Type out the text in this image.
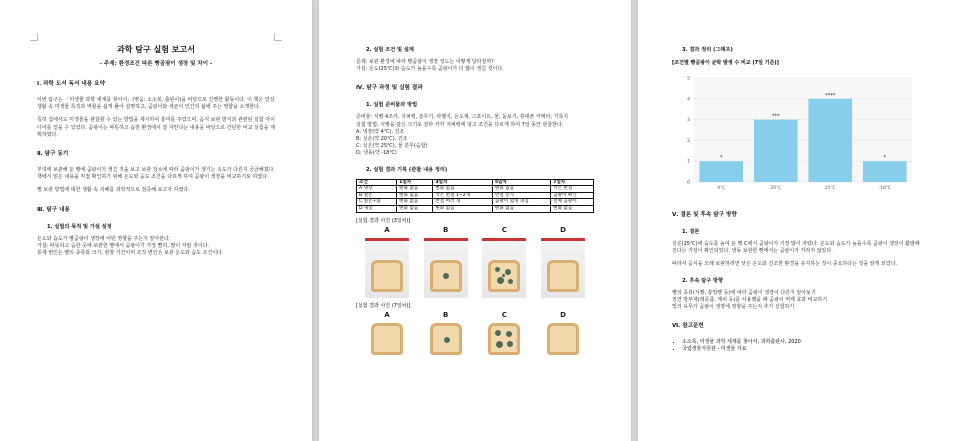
과학 탐구 실험 보고서
- 주제: 환경조건 따른 빵곰팡이 생장 및 차이 -
Ⅰ. 과학 도서 독서 내용 요약

이번 탐구는 「미생물 과학 세계를 찾아서」(엮음: 소소북, 출판사)을 바탕으로 진행한 활동이다. 이 책은 일상생활 속 미생물 특징과 역할을 쉽게 풀어 설명하고, 곰팡이와 세균이 인간의 삶에 주는 영향을 소개한다.

특히 집에서도 미생물을 관찰할 수 있는 방법을 제시하여 흥미를 주었으며, 음식 보관 방식과 관련된 실험 아이디어를 얻을 수 있었다. 곰팡이는 따뜻하고 습한 환경에서 잘 자란다는 내용을 바탕으로 간단한 비교 실험을 계획하였다.

Ⅱ. 탐구 동기

부엌에 보관해 둔 빵에 곰팡이가 생긴 것을 보고 보관 장소에 따라 곰팡이가 생기는 속도가 다른지 궁금해졌다. 책에서 읽은 내용을 직접 확인하기 위해 온도와 습도 조건을 다르게 하여 곰팡이 생장을 비교하기로 하였다.

빵 보관 방법에 대한 생활 속 지혜를 과학적으로 검증해 보고자 하였다.

Ⅲ. 탐구 내용
1. 실험의 목적 및 가설 설정

온도와 습도가 빵곰팡이 생장에 어떤 영향을 주는지 알아본다.

가설: 따뜻하고 습한 곳에 보관한 빵에서 곰팡이가 가장 빨리, 많이 자랄 것이다.

통제 변인은 빵의 종류와 크기, 관찰 기간이며 조작 변인은 보관 온도와 습도 조건이다.

2. 실험 조건 및 설계

문제: 보관 환경에 따라 빵곰팡이 생장 정도는 어떻게 달라질까?

가설: 온도(25℃)와 습도가 높을수록 곰팡이가 더 많이 생길 것이다.

Ⅳ. 탐구 과정 및 실험 결과
1. 실험 준비물과 방법

준비물: 식빵 4조각, 지퍼백, 분무기, 라벨지, 온도계, 스포이트, 물, 돋보기, 휴대폰 카메라, 기록지

실험 방법: 식빵을 같은 크기로 잘라 각각 지퍼백에 넣고 조건을 다르게 하여 7일 동안 관찰한다.

A: 냉장(약 4℃), 건조

B: 실온(약 20℃), 건조

C: 실온(약 25℃), 물 분무(습함)

D: 냉동(약 -18℃)

2. 실험 결과 기록 (관찰 내용 정리)
조건	1일차	3일차	5일차	7일차
A 냉장	변화 없음	변화 없음	변화 없음	작은 반점
B 실온	변화 없음	작은 반점 1~2개	반점 증가	곰팡이 확산
C 실온+습	변화 없음	반점 여러 개	곰팡이 넓게 퍼짐	전체 곰팡이
D 냉동	변화 없음	변화 없음	변화 없음	변화 없음
[실험 결과 사진 (3일차)]
A	B	C	D
[실험 결과 사진 (7일차)]
A	B	C	D
3. 결과 정리 (그래프)
[조건별 빵곰팡이 균락 발생 수 비교 (7일 기준)]
0
1
2
3
4
5
*
4℃
***
20℃
****
25℃
*
-18℃
Ⅴ. 결론 및 후속 탐구 방향
1. 결론

실온(25℃)에 습도를 높여 둔 빵 C에서 곰팡이가 가장 많이 자랐다. 온도와 습도가 높을수록 곰팡이 생장이 활발해진다는 가설이 확인되었다. 냉동 보관한 빵에서는 곰팡이가 자라지 않았다.

따라서 음식을 오래 보관하려면 낮은 온도와 건조한 환경을 유지하는 것이 중요하다는 것을 알게 되었다.

2. 후속 탐구 방향

빵의 종류(식빵, 통밀빵 등)에 따라 곰팡이 생장이 다른지 알아보기

천연 방부제(레몬즙, 계피 등)를 사용했을 때 곰팡이 억제 효과 비교하기

빛의 유무가 곰팡이 생장에 영향을 주는지 추가 실험하기

Ⅵ. 참고문헌
• 소소북, 미생물 과학 세계를 찾아서, 과학출판사, 2020
• 국립생물자원관 - 미생물 자료
